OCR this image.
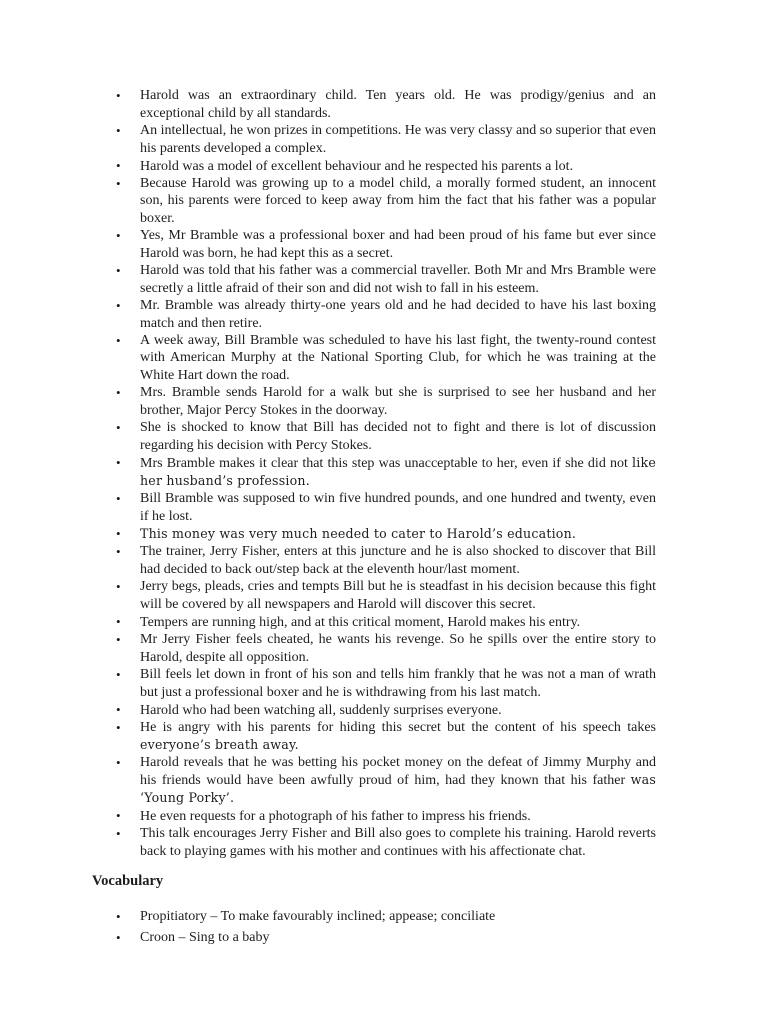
• Harold was an extraordinary child. Ten years old. He was prodigy/genius and an exceptional child by all standards.
• An intellectual, he won prizes in competitions. He was very classy and so superior that even his parents developed a complex.
• Harold was a model of excellent behaviour and he respected his parents a lot.
• Because Harold was growing up to a model child, a morally formed student, an innocent son, his parents were forced to keep away from him the fact that his father was a popular boxer.
• Yes, Mr Bramble was a professional boxer and had been proud of his fame but ever since Harold was born, he had kept this as a secret.
• Harold was told that his father was a commercial traveller. Both Mr and Mrs Bramble were secretly a little afraid of their son and did not wish to fall in his esteem.
• Mr. Bramble was already thirty-one years old and he had decided to have his last boxing match and then retire.
• A week away, Bill Bramble was scheduled to have his last fight, the twenty-round contest with American Murphy at the National Sporting Club, for which he was training at the White Hart down the road.
• Mrs. Bramble sends Harold for a walk but she is surprised to see her husband and her brother, Major Percy Stokes in the doorway.
• She is shocked to know that Bill has decided not to fight and there is lot of discussion regarding his decision with Percy Stokes.
• Mrs Bramble makes it clear that this step was unacceptable to her, even if she did not like her husband’s profession.
• Bill Bramble was supposed to win five hundred pounds, and one hundred and twenty, even if he lost.
• This money was very much needed to cater to Harold’s education.
• The trainer, Jerry Fisher, enters at this juncture and he is also shocked to discover that Bill had decided to back out/step back at the eleventh hour/last moment.
• Jerry begs, pleads, cries and tempts Bill but he is steadfast in his decision because this fight will be covered by all newspapers and Harold will discover this secret.
• Tempers are running high, and at this critical moment, Harold makes his entry.
• Mr Jerry Fisher feels cheated, he wants his revenge. So he spills over the entire story to Harold, despite all opposition.
• Bill feels let down in front of his son and tells him frankly that he was not a man of wrath but just a professional boxer and he is withdrawing from his last match.
• Harold who had been watching all, suddenly surprises everyone.
• He is angry with his parents for hiding this secret but the content of his speech takes everyone’s breath away.
• Harold reveals that he was betting his pocket money on the defeat of Jimmy Murphy and his friends would have been awfully proud of him, had they known that his father was ‘Young Porky’.
• He even requests for a photograph of his father to impress his friends.
• This talk encourages Jerry Fisher and Bill also goes to complete his training. Harold reverts back to playing games with his mother and continues with his affectionate chat.
Vocabulary
• Propitiatory – To make favourably inclined; appease; conciliate
• Croon – Sing to a baby
